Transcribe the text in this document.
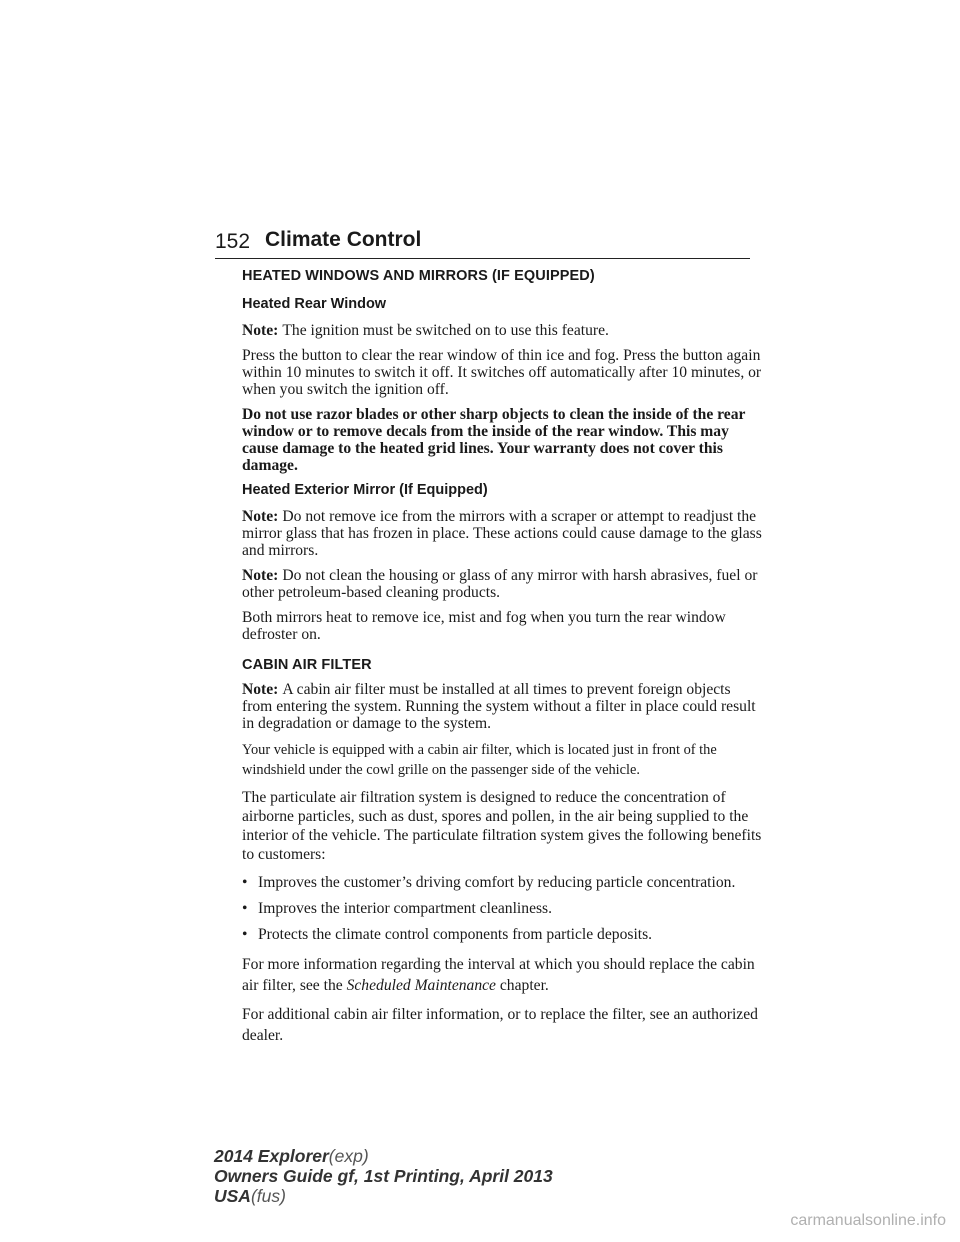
152 Climate Control
HEATED WINDOWS AND MIRRORS (IF EQUIPPED)
Heated Rear Window

Note: The ignition must be switched on to use this feature.

Press the button to clear the rear window of thin ice and fog. Press the button again within 10 minutes to switch it off. It switches off automatically after 10 minutes, or when you switch the ignition off.

Do not use razor blades or other sharp objects to clean the inside of the rear window or to remove decals from the inside of the rear window. This may cause damage to the heated grid lines. Your warranty does not cover this damage.

Heated Exterior Mirror (If Equipped)

Note: Do not remove ice from the mirrors with a scraper or attempt to readjust the mirror glass that has frozen in place. These actions could cause damage to the glass and mirrors.

Note: Do not clean the housing or glass of any mirror with harsh abrasives, fuel or other petroleum-based cleaning products.

Both mirrors heat to remove ice, mist and fog when you turn the rear window defroster on.

CABIN AIR FILTER

Note: A cabin air filter must be installed at all times to prevent foreign objects from entering the system. Running the system without a filter in place could result in degradation or damage to the system.

Your vehicle is equipped with a cabin air filter, which is located just in front of the windshield under the cowl grille on the passenger side of the vehicle.

The particulate air filtration system is designed to reduce the concentration of airborne particles, such as dust, spores and pollen, in the air being supplied to the interior of the vehicle. The particulate filtration system gives the following benefits to customers:

• Improves the customer’s driving comfort by reducing particle concentration.
• Improves the interior compartment cleanliness.
• Protects the climate control components from particle deposits.

For more information regarding the interval at which you should replace the cabin air filter, see the Scheduled Maintenance chapter.

For additional cabin air filter information, or to replace the filter, see an authorized dealer.

2014 Explorer(exp)
Owners Guide gf, 1st Printing, April 2013
USA(fus)
carmanualsonline.info
